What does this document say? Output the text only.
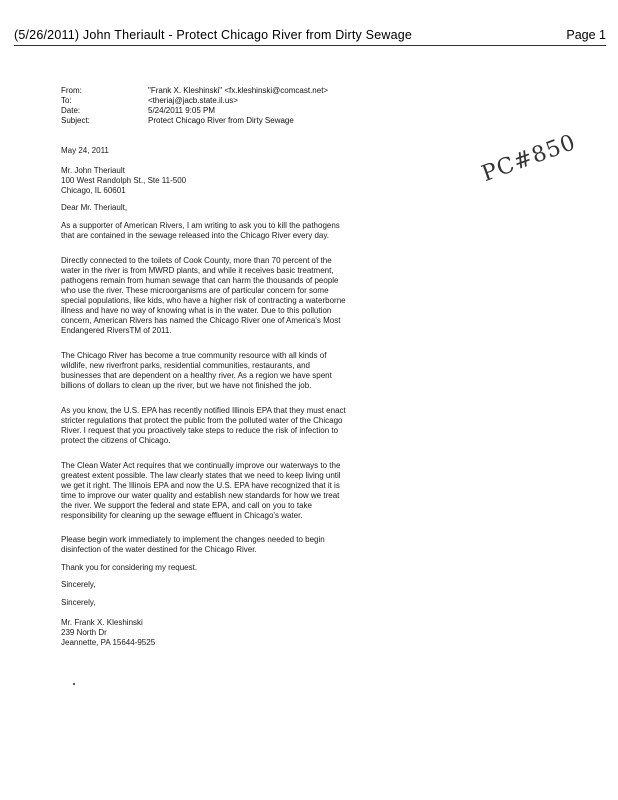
(5/26/2011) John Theriault - Protect Chicago River from Dirty Sewage	Page 1
From:	"Frank X. Kleshinski" <fx.kleshinski@comcast.net>
To:	<theriaj@jacb.state.il.us>
Date:	5/24/2011 9:05 PM
Subject:	Protect Chicago River from Dirty Sewage
PC#850
May 24, 2011
Mr. John Theriault
100 West Randolph St., Ste 11-500
Chicago, IL 60601
Dear Mr. Theriault,

As a supporter of American Rivers, I am writing to ask you to kill the pathogens that are contained in the sewage released into the Chicago River every day.

Directly connected to the toilets of Cook County, more than 70 percent of the water in the river is from MWRD plants, and while it receives basic treatment, pathogens remain from human sewage that can harm the thousands of people who use the river. These microorganisms are of particular concern for some special populations, like kids, who have a higher risk of contracting a waterborne illness and have no way of knowing what is in the water. Due to this pollution concern, American Rivers has named the Chicago River one of America's Most Endangered RiversTM of 2011.

The Chicago River has become a true community resource with all kinds of wildlife, new riverfront parks, residential communities, restaurants, and businesses that are dependent on a healthy river. As a region we have spent billions of dollars to clean up the river, but we have not finished the job.

As you know, the U.S. EPA has recently notified Illinois EPA that they must enact stricter regulations that protect the public from the polluted water of the Chicago River. I request that you proactively take steps to reduce the risk of infection to protect the citizens of Chicago.

The Clean Water Act requires that we continually improve our waterways to the greatest extent possible. The law clearly states that we need to keep living until we get it right. The Illinois EPA and now the U.S. EPA have recognized that it is time to improve our water quality and establish new standards for how we treat the river. We support the federal and state EPA, and call on you to take responsibility for cleaning up the sewage effluent in Chicago's water.

Please begin work immediately to implement the changes needed to begin disinfection of the water destined for the Chicago River.

Thank you for considering my request.

Sincerely,
Sincerely,
Mr. Frank X. Kleshinski
239 North Dr
Jeannette, PA 15644-9525
